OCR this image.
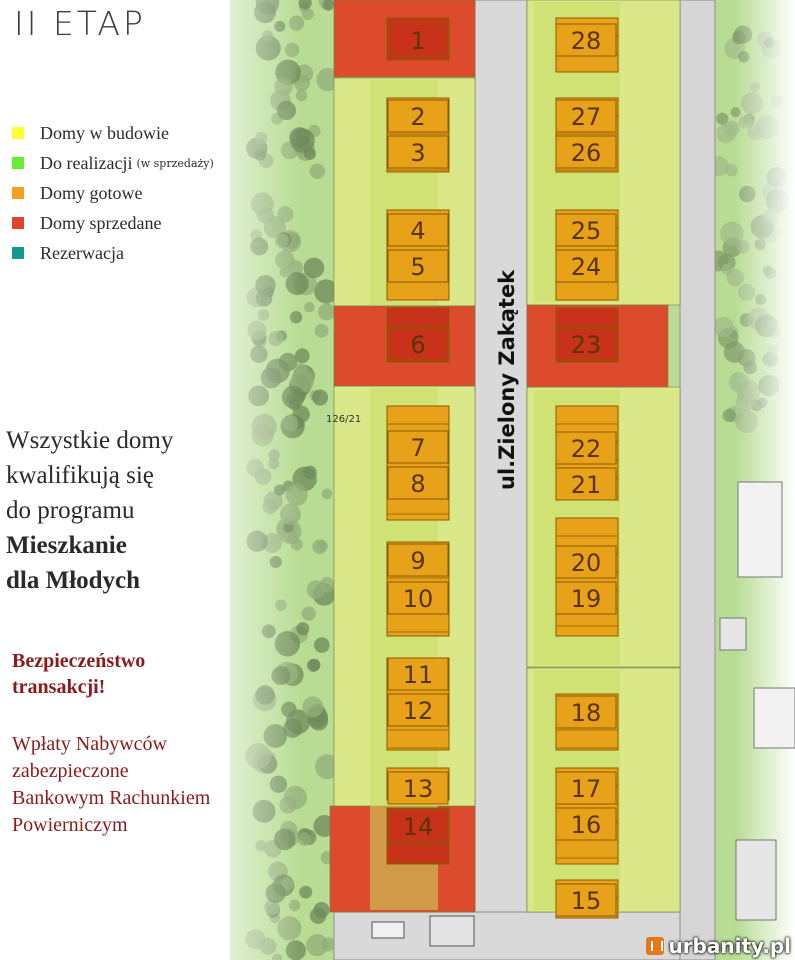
1
2
3
4
5
6
7
8
9
10
11
12
13
14
15
16
17
18
19
20
21
22
23
24
25
26
27
28
126/21	ul.Zielony Zakątek
II ETAP
Domy w budowie
Do realizacji (w sprzedaży)
Domy gotowe
Domy sprzedane
Rezerwacja
Wszystkie domy
kwalifikują się
do programu
Mieszkanie
dla Młodych
Bezpieczeństwo
transakcji!
Wpłaty Nabywców
zabezpieczone
Bankowym Rachunkiem
Powierniczym
urbanity.pl
